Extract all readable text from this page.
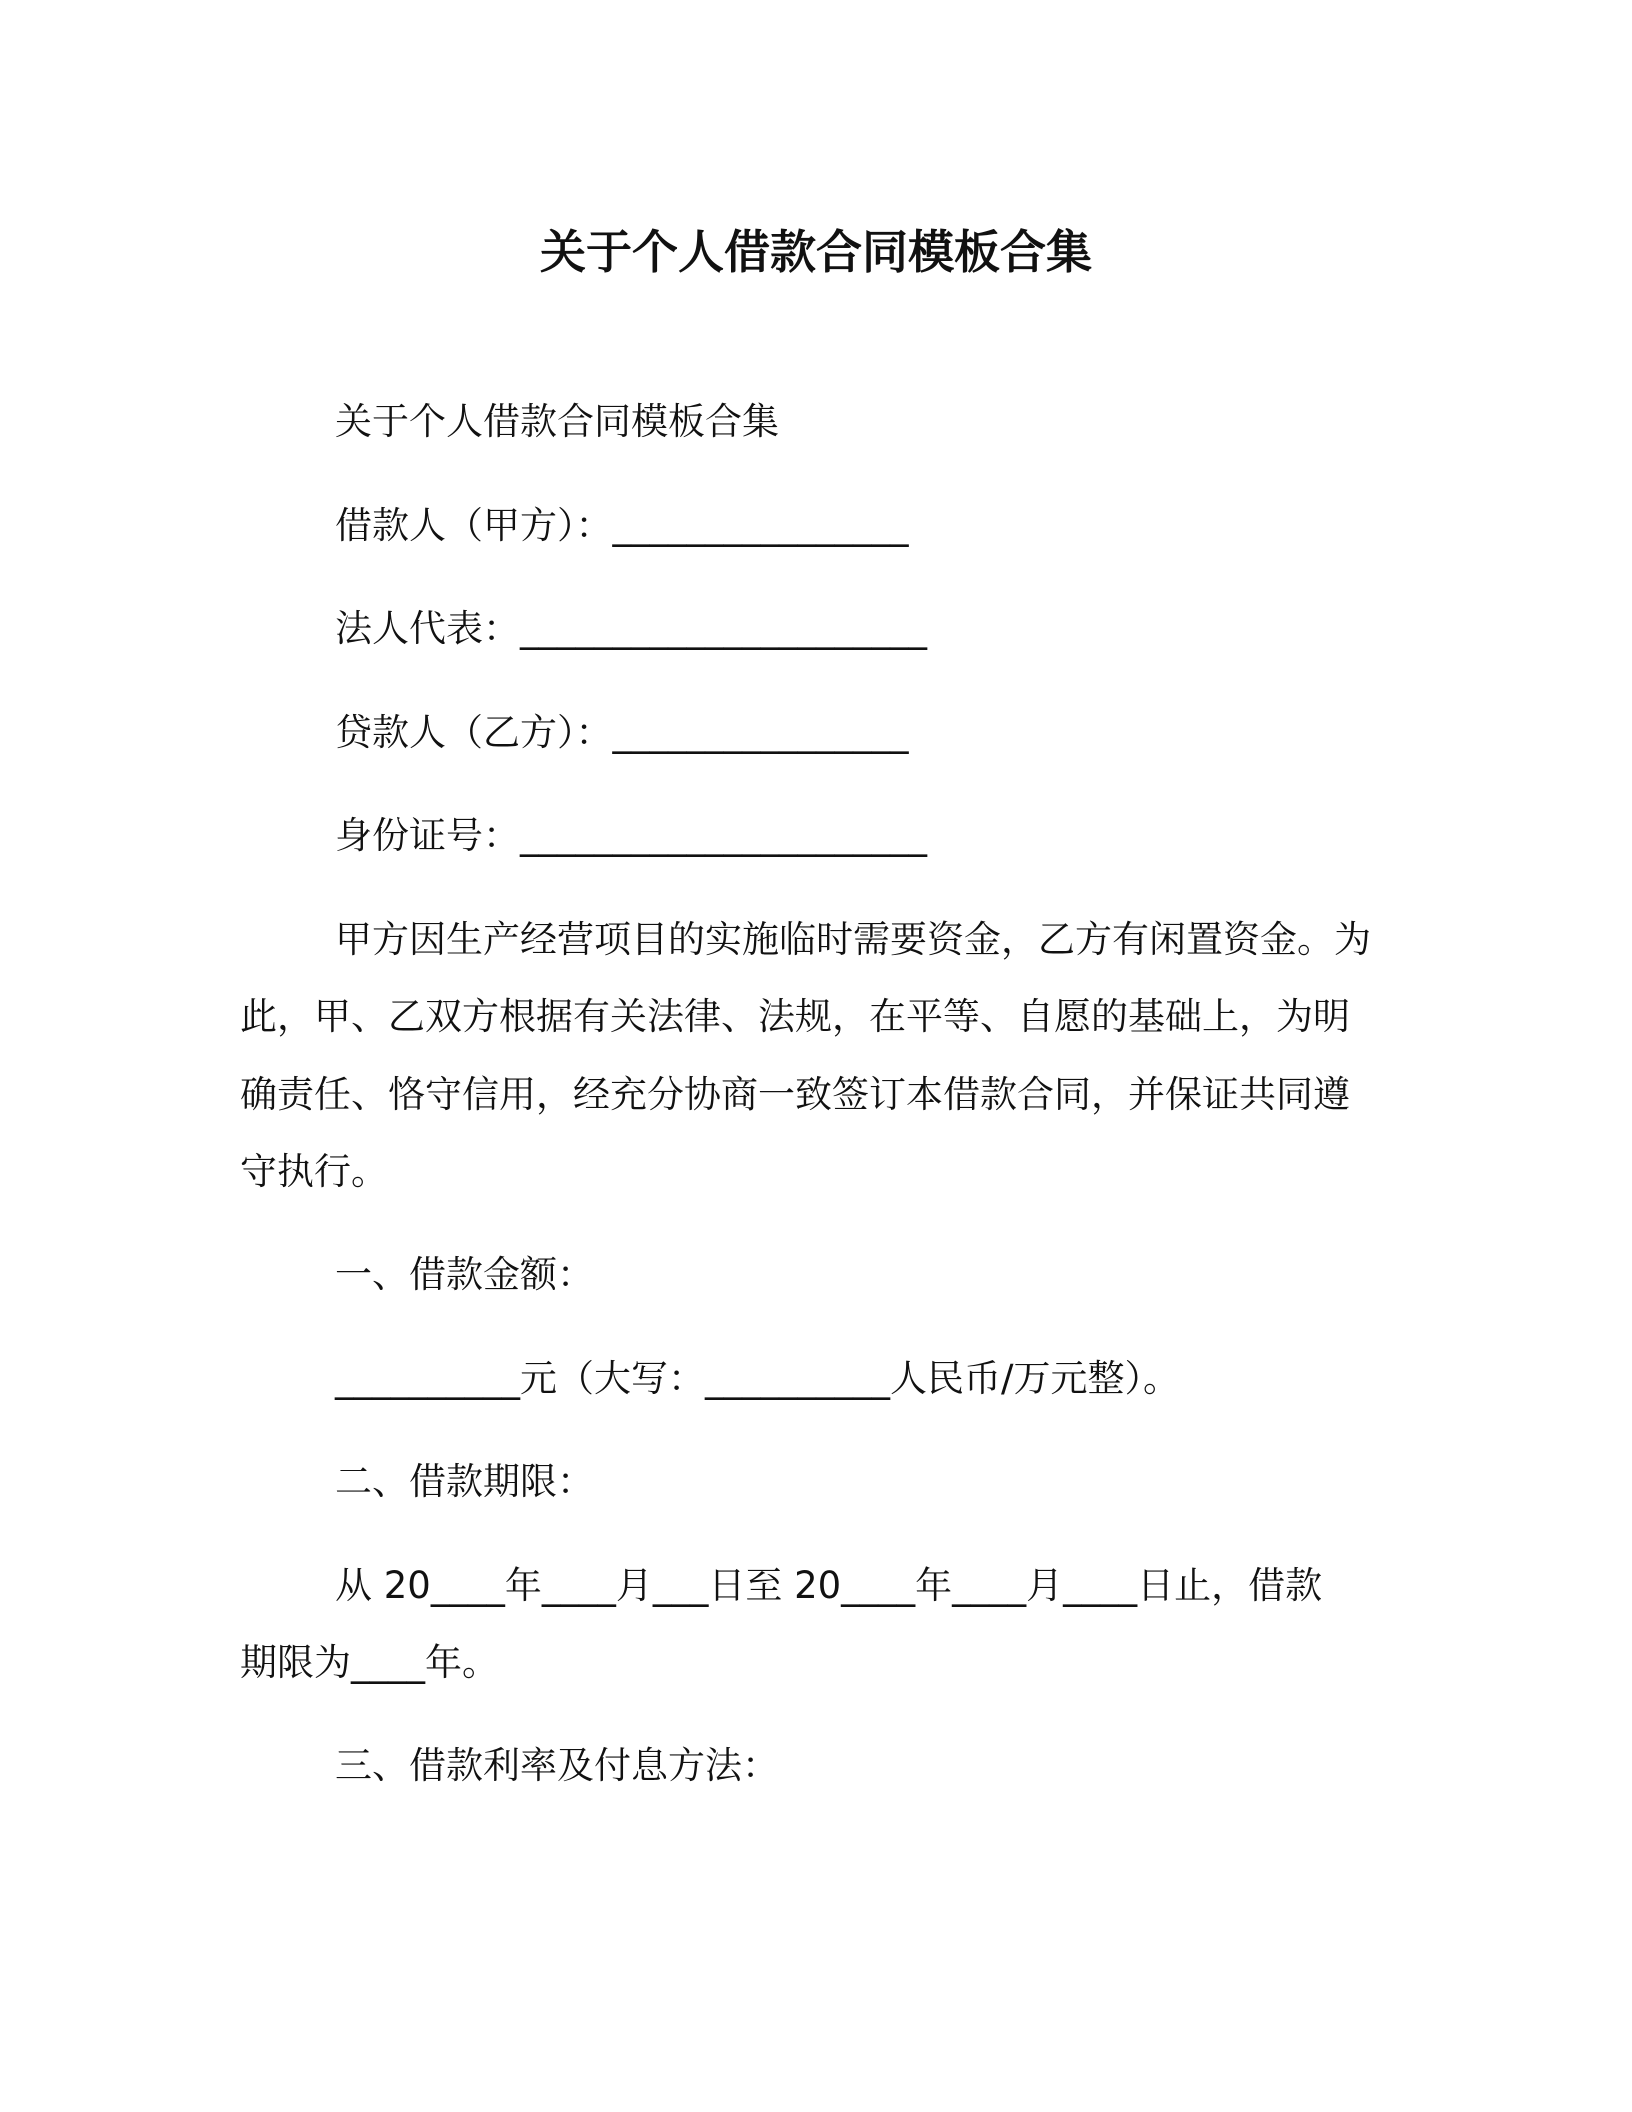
关于个人借款合同模板合集
关于个人借款合同模板合集
借款人（甲方）：________________
法人代表：______________________
贷款人（乙方）：________________
身份证号：______________________
甲方因生产经营项目的实施临时需要资金，乙方有闲置资金。为
此，甲、乙双方根据有关法律、法规，在平等、自愿的基础上，为明
确责任、恪守信用，经充分协商一致签订本借款合同，并保证共同遵
守执行。
一、借款金额：
__________元（大写：__________人民币/万元整）。
二、借款期限：
从 20____年____月___日至 20____年____月____日止，借款
期限为____年。
三、借款利率及付息方法：
